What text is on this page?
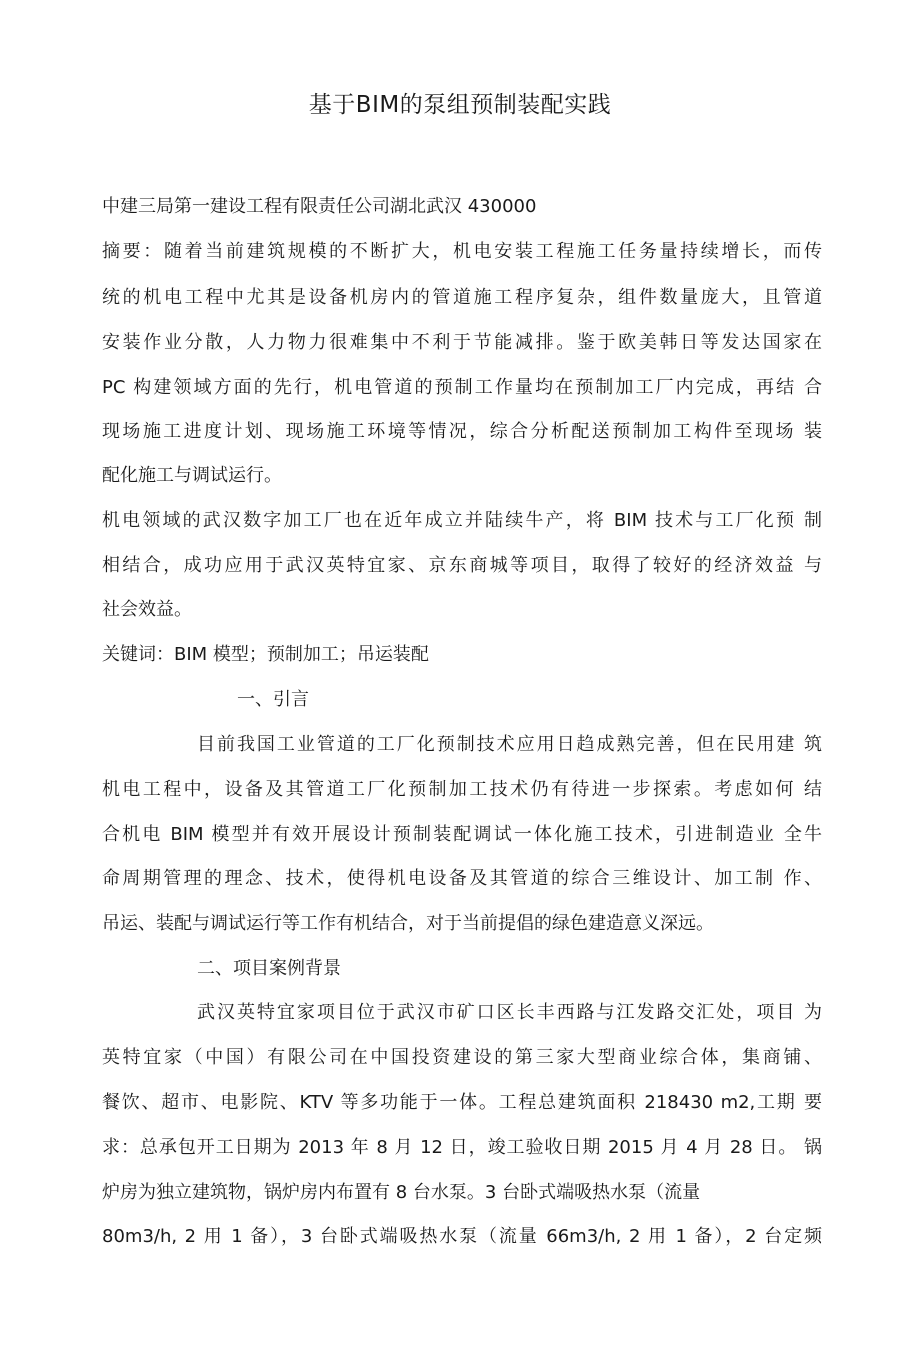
基于BIM的泵组预制装配实践
中建三局第一建设工程有限责任公司湖北武汉 430000
摘要：随着当前建筑规模的不断扩大，机电安装工程施工任务量持续增长，而传
统的机电工程中尤其是设备机房内的管道施工程序复杂，组件数量庞大，且管道
安装作业分散，人力物力很难集中不利于节能减排。鉴于欧美韩日等发达国家在
PC 构建领域方面的先行，机电管道的预制工作量均在预制加工厂内完成，再结 合
现场施工进度计划、现场施工环境等情况，综合分析配送预制加工构件至现场 装
配化施工与调试运行。
机电领域的武汉数字加工厂也在近年成立并陆续牛产，将 BIM 技术与工厂化预 制
相结合，成功应用于武汉英特宜家、京东商城等项目，取得了较好的经济效益 与
社会效益。
关键词：BIM 模型；预制加工；吊运装配
一、引言
目前我国工业管道的工厂化预制技术应用日趋成熟完善，但在民用建 筑
机电工程中，设备及其管道工厂化预制加工技术仍有待进一步探索。考虑如何 结
合机电 BIM 模型并有效开展设计预制装配调试一体化施工技术，引进制造业 全牛
命周期管理的理念、技术，使得机电设备及其管道的综合三维设计、加工制 作、
吊运、装配与调试运行等工作有机结合，对于当前提倡的绿色建造意义深远。
二、项目案例背景
武汉英特宜家项目位于武汉市矿口区长丰西路与江发路交汇处，项目 为
英特宜家（中国）有限公司在中国投资建设的第三家大型商业综合体，集商铺、
餐饮、超市、电影院、KTV 等多功能于一体。工程总建筑面积 218430 m2,工期 要
求：总承包开工日期为 2013 年 8 月 12 日，竣工验收日期 2015 月 4 月 28 日。 锅
炉房为独立建筑物，锅炉房内布置有 8 台水泵。3 台卧式端吸热水泵（流量
80m3/h, 2 用 1 备），3 台卧式端吸热水泵（流量 66m3/h, 2 用 1 备），2 台定频
